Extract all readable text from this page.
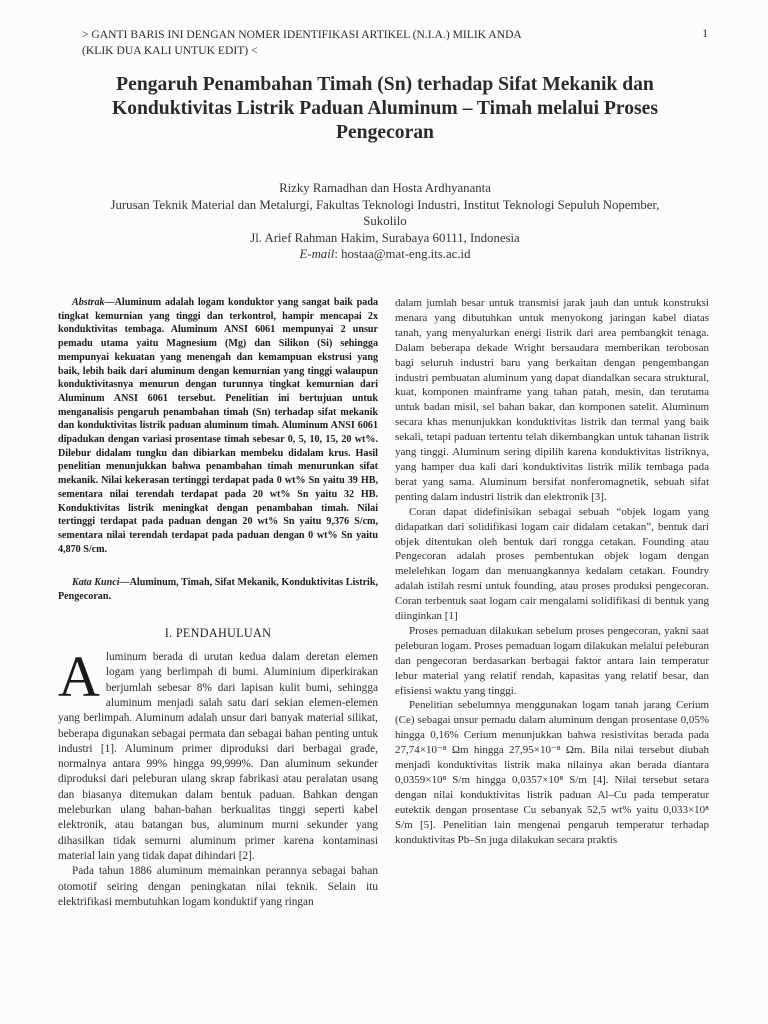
> GANTI BARIS INI DENGAN NOMER IDENTIFIKASI ARTIKEL (N.I.A.) MILIK ANDA
(KLIK DUA KALI UNTUK EDIT) <
1
Pengaruh Penambahan Timah (Sn) terhadap Sifat Mekanik dan Konduktivitas Listrik Paduan Aluminum – Timah melalui Proses Pengecoran
Rizky Ramadhan dan Hosta Ardhyananta
Jurusan Teknik Material dan Metalurgi, Fakultas Teknologi Industri, Institut Teknologi Sepuluh Nopember, Sukolilo
Jl. Arief Rahman Hakim, Surabaya 60111, Indonesia
E-mail: hostaa@mat-eng.its.ac.id

Abstrak—Aluminum adalah logam konduktor yang sangat baik pada tingkat kemurnian yang tinggi dan terkontrol, hampir mencapai 2x konduktivitas tembaga. Aluminum ANSI 6061 mempunyai 2 unsur pemadu utama yaitu Magnesium (Mg) dan Silikon (Si) sehingga mempunyai kekuatan yang menengah dan kemampuan ekstrusi yang baik, lebih baik dari aluminum dengan kemurnian yang tinggi walaupun konduktivitasnya menurun dengan turunnya tingkat kemurnian dari Aluminum ANSI 6061 tersebut. Penelitian ini bertujuan untuk menganalisis pengaruh penambahan timah (Sn) terhadap sifat mekanik dan konduktivitas listrik paduan aluminum timah. Aluminum ANSI 6061 dipadukan dengan variasi prosentase timah sebesar 0, 5, 10, 15, 20 wt%. Dilebur didalam tungku dan dibiarkan membeku didalam krus. Hasil penelitian menunjukkan bahwa penambahan timah menurunkan sifat mekanik. Nilai kekerasan tertinggi terdapat pada 0 wt% Sn yaitu 39 HB, sementara nilai terendah terdapat pada 20 wt% Sn yaitu 32 HB. Konduktivitas listrik meningkat dengan penambahan timah. Nilai tertinggi terdapat pada paduan dengan 20 wt% Sn yaitu 9,376 S/cm, sementara nilai terendah terdapat pada paduan dengan 0 wt% Sn yaitu 4,870 S/cm.

Kata Kunci—Aluminum, Timah, Sifat Mekanik, Konduktivitas Listrik, Pengecoran.

I. PENDAHULUAN
A luminum berada di urutan kedua dalam deretan elemen logam yang berlimpah di bumi. Aluminium diperkirakan berjumlah sebesar 8% dari lapisan kulit bumi, sehingga aluminum menjadi salah satu dari sekian elemen-elemen yang berlimpah. Aluminum adalah unsur dari banyak material silikat, beberapa digunakan sebagai permata dan sebagai bahan penting untuk industri [1]. Aluminum primer diproduksi dari berbagai grade, normalnya antara 99% hingga 99,999%. Dan aluminum sekunder diproduksi dari peleburan ulang skrap fabrikasi atau peralatan usang dan biasanya ditemukan dalam bentuk paduan. Bahkan dengan meleburkan ulang bahan-bahan berkualitas tinggi seperti kabel elektronik, atau batangan bus, aluminum murni sekunder yang dihasilkan tidak semurni aluminum primer karena kontaminasi material lain yang tidak dapat dihindari [2].

Pada tahun 1886 aluminum memainkan perannya sebagai bahan otomotif seiring dengan peningkatan nilai teknik. Selain itu elektrifikasi membutuhkan logam konduktif yang ringan

dalam jumlah besar untuk transmisi jarak jauh dan untuk konstruksi menara yang dibutuhkan untuk menyokong jaringan kabel diatas tanah, yang menyalurkan energi listrik dari area pembangkit tenaga. Dalam beberapa dekade Wright bersaudara memberikan terobosan bagi seluruh industri baru yang berkaitan dengan pengembangan industri pembuatan aluminum yang dapat diandalkan secara struktural, kuat, komponen mainframe yang tahan patah, mesin, dan terutama untuk badan misil, sel bahan bakar, dan komponen satelit. Aluminum secara khas menunjukkan konduktivitas listrik dan termal yang baik sekali, tetapi paduan tertentu telah dikembangkan untuk tahanan listrik yang tinggi. Aluminum sering dipilih karena konduktivitas listriknya, yang hamper dua kali dari konduktivitas listrik milik tembaga pada berat yang sama. Aluminum bersifat nonferomagnetik, sebuah sifat penting dalam industri listrik dan elektronik [3].

Coran dapat didefinisikan sebagai sebuah “objek logam yang didapatkan dari solidifikasi logam cair didalam cetakan”, bentuk dari objek ditentukan oleh bentuk dari rongga cetakan. Founding atau Pengecoran adalah proses pembentukan objek logam dengan melelehkan logam dan menuangkannya kedalam cetakan. Foundry adalah istilah resmi untuk founding, atau proses produksi pengecoran. Coran terbentuk saat logam cair mengalami solidifikasi di bentuk yang diinginkan [1]

Proses pemaduan dilakukan sebelum proses pengecoran, yakni saat peleburan logam. Proses pemaduan logam dilakukan melalui peleburan dan pengecoran berdasarkan berbagai faktor antara lain temperatur lebur material yang relatif rendah, kapasitas yang relatif besar, dan efisiensi waktu yang tinggi.

Penelitian sebelumnya menggunakan logam tanah jarang Cerium (Ce) sebagai unsur pemadu dalam aluminum dengan prosentase 0,05% hingga 0,16% Cerium menunjukkan bahwa resistivitas berada pada 27,74×10⁻⁸ Ωm hingga 27,95×10⁻⁸ Ωm. Bila nilai tersebut diubah menjadi konduktivitas listrik maka nilainya akan berada diantara 0,0359×10⁸ S/m hingga 0,0357×10⁸ S/m [4]. Nilai tersebut setara dengan nilai konduktivitas listrik paduan Al–Cu pada temperatur eutektik dengan prosentase Cu sebanyak 52,5 wt% yaitu 0,033×10⁸ S/m [5]. Penelitian lain mengenai pengaruh temperatur terhadap konduktivitas Pb–Sn juga dilakukan secara praktis
